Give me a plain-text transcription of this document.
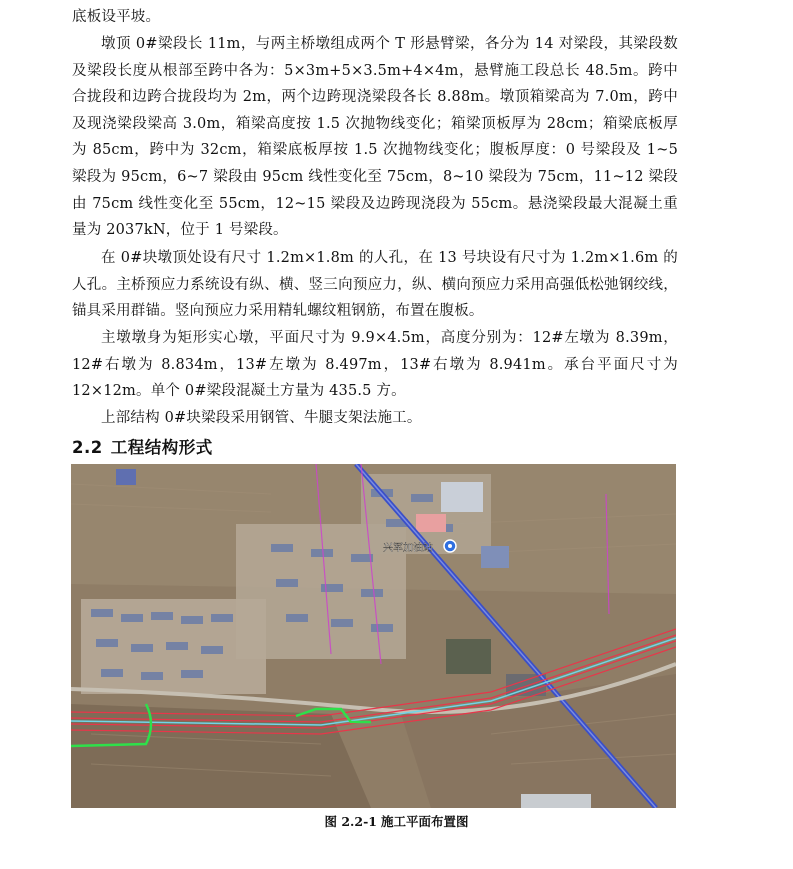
底板设平坡。

墩顶 0#梁段长 11m，与两主桥墩组成两个 T 形悬臂梁，各分为 14 对梁段，其梁段数及梁段长度从根部至跨中各为：5×3m+5×3.5m+4×4m，悬臂施工段总长 48.5m。跨中合拢段和边跨合拢段均为 2m，两个边跨现浇梁段各长 8.88m。墩顶箱梁高为 7.0m，跨中及现浇梁段梁高 3.0m，箱梁高度按 1.5 次抛物线变化；箱梁顶板厚为 28cm；箱梁底板厚为 85cm，跨中为 32cm，箱梁底板厚按 1.5 次抛物线变化；腹板厚度：0 号梁段及 1~5 梁段为 95cm，6~7 梁段由 95cm 线性变化至 75cm，8~10 梁段为 75cm，11~12 梁段由 75cm 线性变化至 55cm，12~15 梁段及边跨现浇段为 55cm。悬浇梁段最大混凝土重量为 2037kN，位于 1 号梁段。

在 0#块墩顶处设有尺寸 1.2m×1.8m 的人孔，在 13 号块设有尺寸为 1.2m×1.6m 的人孔。主桥预应力系统设有纵、横、竖三向预应力，纵、横向预应力采用高强低松弛钢绞线，锚具采用群锚。竖向预应力采用精轧螺纹粗钢筋，布置在腹板。

主墩墩身为矩形实心墩，平面尺寸为 9.9×4.5m，高度分别为：12#左墩为 8.39m，12#右墩为 8.834m，13#左墩为 8.497m，13#右墩为 8.941m。承台平面尺寸为 12×12m。单个 0#梁段混凝土方量为 435.5 方。

上部结构 0#块梁段采用钢管、牛腿支架法施工。

2.2 工程结构形式
兴军加油站

图 2.2-1 施工平面布置图
